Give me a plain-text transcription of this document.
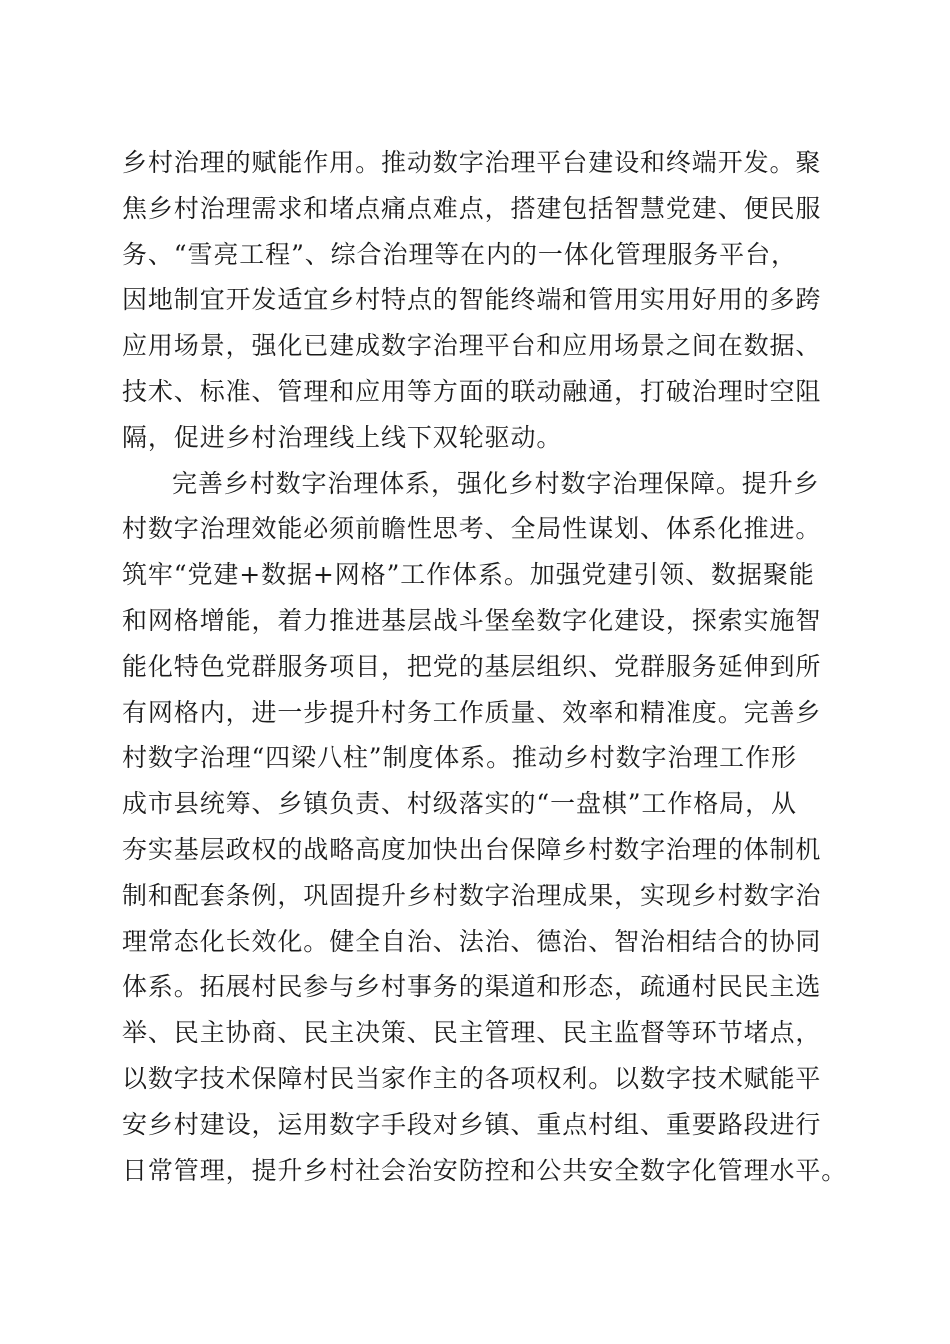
乡村治理的赋能作用。推动数字治理平台建设和终端开发。聚
焦乡村治理需求和堵点痛点难点，搭建包括智慧党建、便民服
务、“雪亮工程”、综合治理等在内的一体化管理服务平台，
因地制宜开发适宜乡村特点的智能终端和管用实用好用的多跨
应用场景，强化已建成数字治理平台和应用场景之间在数据、
技术、标准、管理和应用等方面的联动融通，打破治理时空阻
隔，促进乡村治理线上线下双轮驱动。
完善乡村数字治理体系，强化乡村数字治理保障。提升乡
村数字治理效能必须前瞻性思考、全局性谋划、体系化推进。
筑牢“党建+数据+网格”工作体系。加强党建引领、数据聚能
和网格增能，着力推进基层战斗堡垒数字化建设，探索实施智
能化特色党群服务项目，把党的基层组织、党群服务延伸到所
有网格内，进一步提升村务工作质量、效率和精准度。完善乡
村数字治理“四梁八柱”制度体系。推动乡村数字治理工作形
成市县统筹、乡镇负责、村级落实的“一盘棋”工作格局，从
夯实基层政权的战略高度加快出台保障乡村数字治理的体制机
制和配套条例，巩固提升乡村数字治理成果，实现乡村数字治
理常态化长效化。健全自治、法治、德治、智治相结合的协同
体系。拓展村民参与乡村事务的渠道和形态，疏通村民民主选
举、民主协商、民主决策、民主管理、民主监督等环节堵点，
以数字技术保障村民当家作主的各项权利。以数字技术赋能平
安乡村建设，运用数字手段对乡镇、重点村组、重要路段进行
日常管理，提升乡村社会治安防控和公共安全数字化管理水平。
